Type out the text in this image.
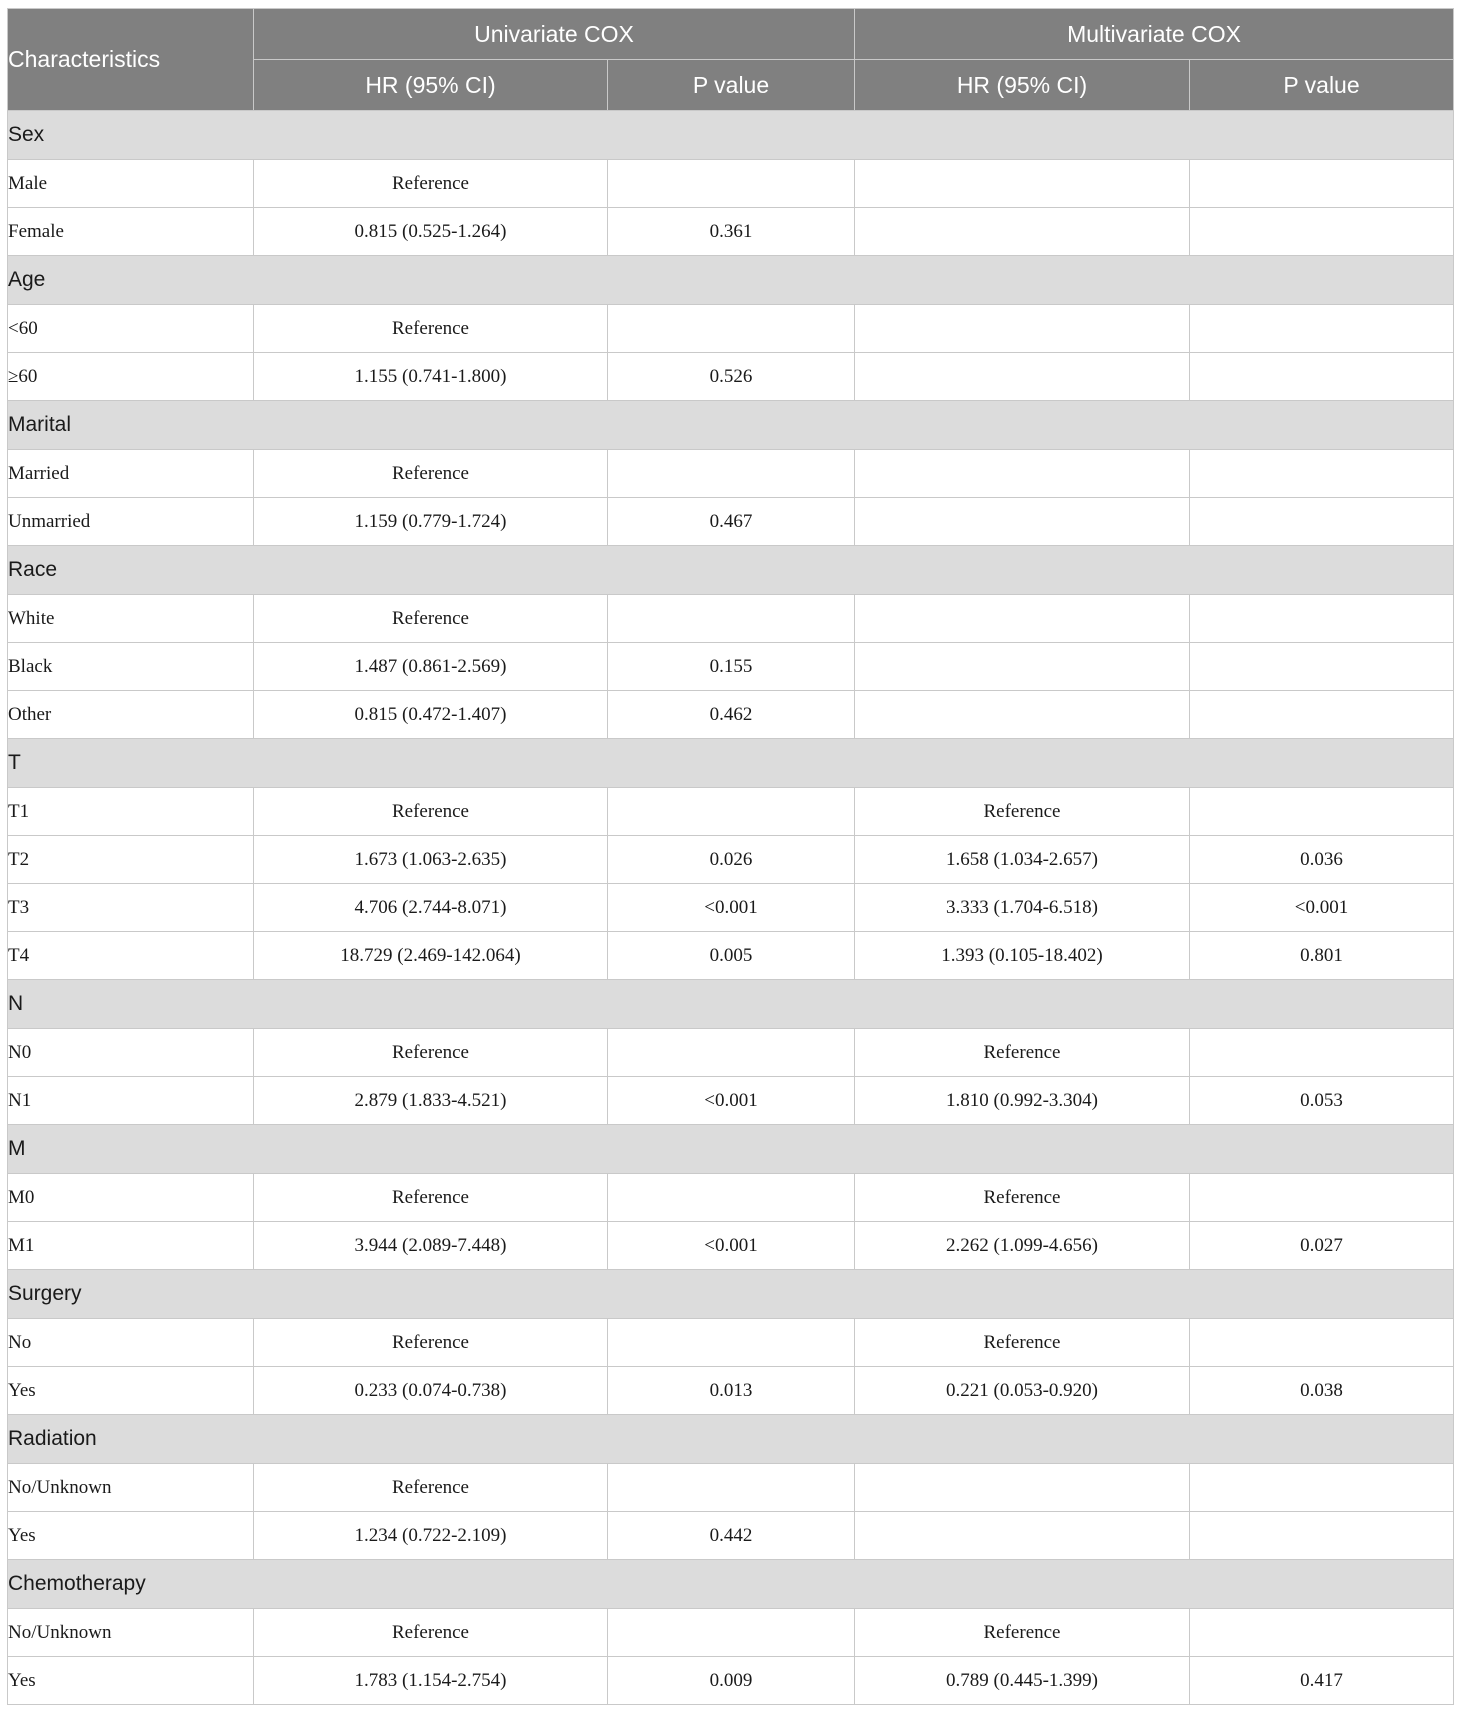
Characteristics	Univariate COX		Multivariate COX	
	HR (95% CI)	P value	HR (95% CI)	P value
Sex				
Male	Reference			
Female	0.815 (0.525-1.264)	0.361		
Age				
<60	Reference			
≥60	1.155 (0.741-1.800)	0.526		
Marital				
Married	Reference			
Unmarried	1.159 (0.779-1.724)	0.467		
Race				
White	Reference			
Black	1.487 (0.861-2.569)	0.155		
Other	0.815 (0.472-1.407)	0.462		
T				
T1	Reference		Reference	
T2	1.673 (1.063-2.635)	0.026	1.658 (1.034-2.657)	0.036
T3	4.706 (2.744-8.071)	<0.001	3.333 (1.704-6.518)	<0.001
T4	18.729 (2.469-142.064)	0.005	1.393 (0.105-18.402)	0.801
N				
N0	Reference		Reference	
N1	2.879 (1.833-4.521)	<0.001	1.810 (0.992-3.304)	0.053
M				
M0	Reference		Reference	
M1	3.944 (2.089-7.448)	<0.001	2.262 (1.099-4.656)	0.027
Surgery				
No	Reference		Reference	
Yes	0.233 (0.074-0.738)	0.013	0.221 (0.053-0.920)	0.038
Radiation				
No/Unknown	Reference			
Yes	1.234 (0.722-2.109)	0.442		
Chemotherapy				
No/Unknown	Reference		Reference	
Yes	1.783 (1.154-2.754)	0.009	0.789 (0.445-1.399)	0.417
